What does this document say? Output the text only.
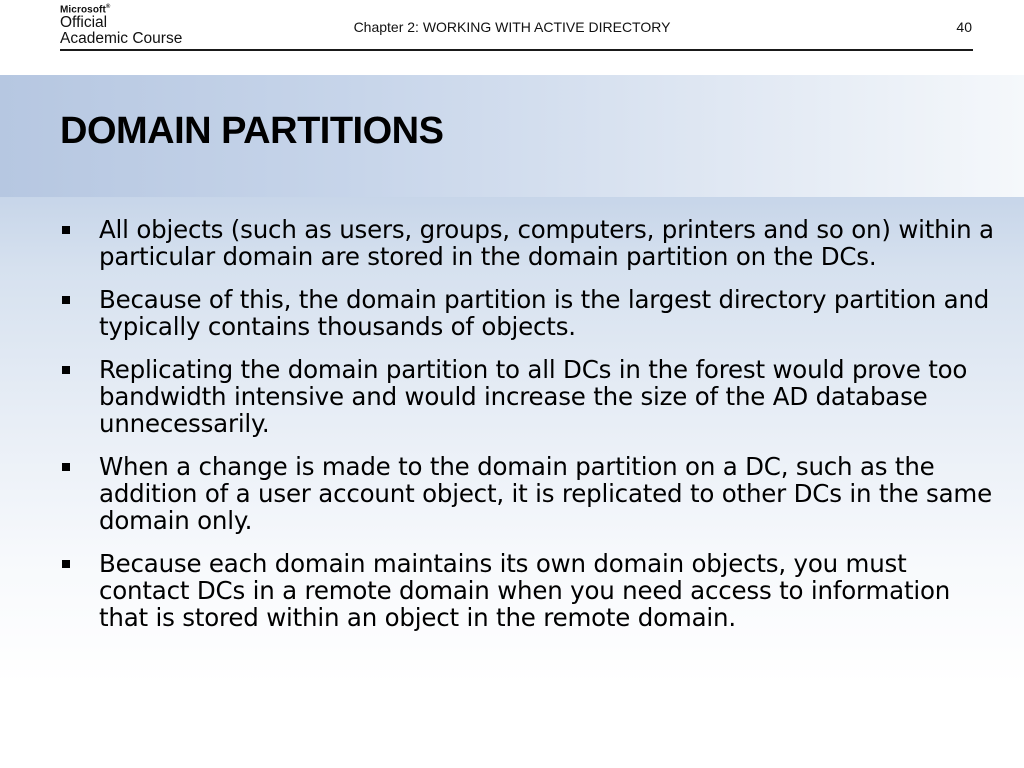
Microsoft®
Official
Academic Course
Chapter 2: WORKING WITH ACTIVE DIRECTORY	40
DOMAIN PARTITIONS
All objects (such as users, groups, computers, printers and so on) within a particular domain are stored in the domain partition on the DCs.
Because of this, the domain partition is the largest directory partition and typically contains thousands of objects.
Replicating the domain partition to all DCs in the forest would prove too bandwidth intensive and would increase the size of the AD database unnecessarily.
When a change is made to the domain partition on a DC, such as the addition of a user account object, it is replicated to other DCs in the same domain only.
Because each domain maintains its own domain objects, you must contact DCs in a remote domain when you need access to information that is stored within an object in the remote domain.
